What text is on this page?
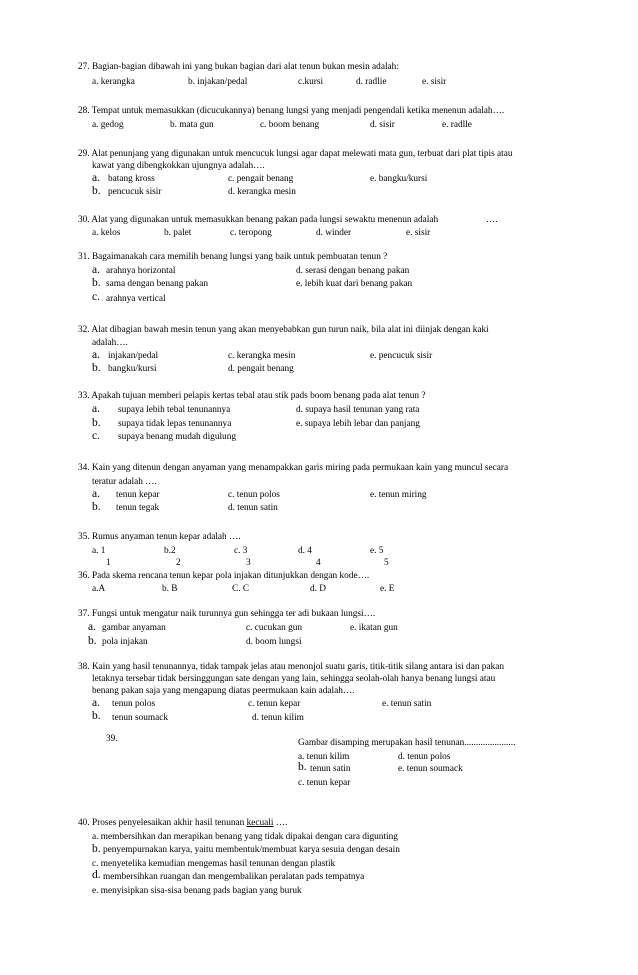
27. Bagian-bagian dibawah ini yang bukan bagian dari alat tenun bukan mesin adalah:
a. kerangka	b. injakan/pedal	c.kursi	d. radlie	e. sisir
28. Tempat untuk memasukkan (dicucukannya) benang lungsi yang menjadi pengendali ketika menenun adalah….
a. gedog	b. mata gun	c. boom benang	d. sisir	e. radlle
29. Alat penunjang yang digunakan untuk mencucuk lungsi agar dapat melewati mata gun, terbuat dari plat tipis atau
kawat yang dibengkokkan ujungnya adalah….
a. batang kross	c. pengait benang	e. bangku/kursi
b. pencucuk sisir	d. kerangka mesin
30. Alat yang digunakan untuk memasukkan benang pakan pada lungsi sewaktu menenun adalah	….
a. kelos	b. palet	c. teropong	d. winder	e. sisir
31. Bagaimanakah cara memilih benang lungsi yang baik untuk pembuatan tenun ?
a. arahnya horizontal	d. serasi dengan benang pakan
b. sama dengan benang pakan	e. lebih kuat dari benang pakan
c. arahnya vertical
32. Alat dibagian bawah mesin tenun yang akan menyebabkan gun turun naik, bila alat ini diinjak dengan kaki
adalah….
a. injakan/pedal	c. kerangka mesin	e. pencucuk sisir
b. bangku/kursi	d. pengait benang
33. Apakah tujuan memberi pelapis kertas tebal atau stik pads boom benang pada alat tenun ?
a. supaya lebih tebal tenunannya	d. supaya hasil tenunan yang rata
b. supaya tidak lepas tenunannya	e. supaya lebih lebar dan panjang
c. supaya benang mudah digulung
34. Kain yang ditenun dengan anyaman yang menampakkan garis miring pada permukaan kain yang muncul secara
teratur adalah ….
a. tenun kepar	c. tenun polos	e. tenun miring
b. tenun tegak	d. tenun satin
35. Rumus anyaman tenun kepar adalah ….
a. 1	b.2	c. 3	d. 4	e. 5
1	2	3	4	5
36. Pada skema rencana tenun kepar pola injakan ditunjukkan dengan kode….
a.A	b. B	C. C	d. D	e. E
37. Fungsi untuk mengatur naik turunnya gun sehingga ter adi bukaan lungsi….
a. gambar anyaman	c. cucukan gun	e. ikatan gun
b. pola injakan	d. boom lungsi
38. Kain yang hasil tenunannya, tidak tampak jelas atau menonjol suatu garis, titik-titik silang antara isi dan pakan
letaknya tersebar tidak bersinggungan sate dengan yang lain, sehingga seolah-olah hanya benang lungsi atau
benang pakan saja yang mengapung diatas peermukaan kain adalah….
a. tenun polos	c. tenun kepar	e. tenun satin
b. tenun soumack	d. tenun kilim
39.	Gambar disamping merupakan hasil tenunan......................
a. tenun kilim	d. tenun polos
b. tenun satin	e. tenun soumack
c. tenun kepar
40. Proses penyelesaikan akhir hasil tenunan kecuali ….
a. membersihkan dan merapikan benang yang tidak dipakai dengan cara digunting
b. penyempurnakan karya, yaitu membentuk/membuat karya sesuia dengan desain
c. menyetelika kemudian mengemas hasil tenunan dengan plastik
d. membersihkan ruangan dan mengembalikan peralatan pads tempatnya
e. menyisipkan sisa-sisa benang pads bagian yang buruk
